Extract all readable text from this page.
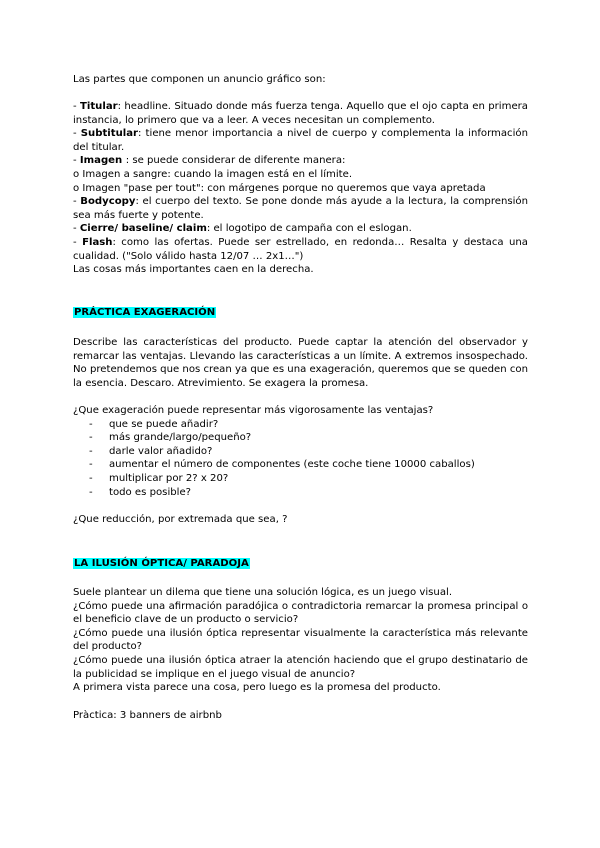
Las partes que componen un anuncio gráfico son:

- Titular: headline. Situado donde más fuerza tenga. Aquello que el ojo capta en primera instancia, lo primero que va a leer. A veces necesitan un complemento.

- Subtitular: tiene menor importancia a nivel de cuerpo y complementa la información del titular.

- Imagen : se puede considerar de diferente manera:

o Imagen a sangre: cuando la imagen está en el límite.

o Imagen "pase per tout": con márgenes porque no queremos que vaya apretada

- Bodycopy: el cuerpo del texto. Se pone donde más ayude a la lectura, la comprensión sea más fuerte y potente.

- Cierre/ baseline/ claim: el logotipo de campaña con el eslogan.

- Flash: como las ofertas. Puede ser estrellado, en redonda… Resalta y destaca una cualidad. ("Solo válido hasta 12/07 … 2x1…")

Las cosas más importantes caen en la derecha.

PRÁCTICA EXAGERACIÓN

Describe las características del producto. Puede captar la atención del observador y remarcar las ventajas. Llevando las características a un límite. A extremos insospechado. No pretendemos que nos crean ya que es una exageración, queremos que se queden con la esencia. Descaro. Atrevimiento. Se exagera la promesa.

¿Que exageración puede representar más vigorosamente las ventajas?

- que se puede añadir?
- más grande/largo/pequeño?
- darle valor añadido?
- aumentar el número de componentes (este coche tiene 10000 caballos)
- multiplicar por 2? x 20?
- todo es posible?

¿Que reducción, por extremada que sea, ?

LA ILUSIÓN ÓPTICA/ PARADOJA

Suele plantear un dilema que tiene una solución lógica, es un juego visual.

¿Cómo puede una afirmación paradójica o contradictoria remarcar la promesa principal o el beneficio clave de un producto o servicio?

¿Cómo puede una ilusión óptica representar visualmente la característica más relevante del producto?

¿Cómo puede una ilusión óptica atraer la atención haciendo que el grupo destinatario de la publicidad se implique en el juego visual de anuncio?

A primera vista parece una cosa, pero luego es la promesa del producto.

Pràctica: 3 banners de airbnb
